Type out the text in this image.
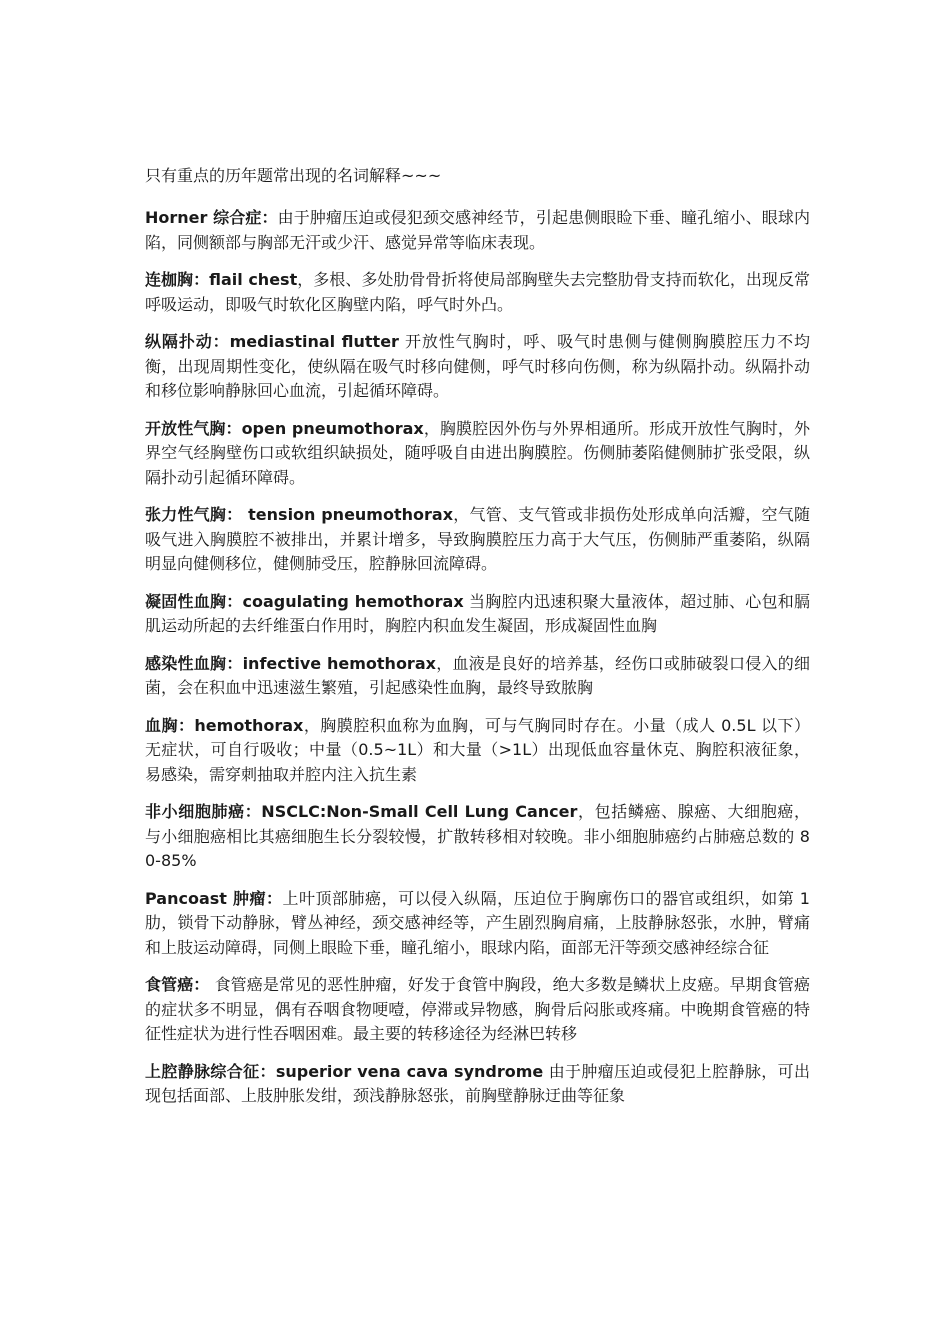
只有重点的历年题常出现的名词解释~~~
Horner 综合症：由于肿瘤压迫或侵犯颈交感神经节，引起患侧眼睑下垂、瞳孔缩小、眼球内陷，同侧额部与胸部无汗或少汗、感觉异常等临床表现。
连枷胸：flail chest，多根、多处肋骨骨折将使局部胸壁失去完整肋骨支持而软化，出现反常呼吸运动，即吸气时软化区胸壁内陷，呼气时外凸。
纵隔扑动：mediastinal flutter 开放性气胸时，呼、吸气时患侧与健侧胸膜腔压力不均衡，出现周期性变化，使纵隔在吸气时移向健侧，呼气时移向伤侧，称为纵隔扑动。纵隔扑动和移位影响静脉回心血流，引起循环障碍。
开放性气胸：open pneumothorax，胸膜腔因外伤与外界相通所。形成开放性气胸时，外界空气经胸壁伤口或软组织缺损处，随呼吸自由进出胸膜腔。伤侧肺萎陷健侧肺扩张受限，纵隔扑动引起循环障碍。
张力性气胸： tension pneumothorax，气管、支气管或非损伤处形成单向活瓣，空气随吸气进入胸膜腔不被排出，并累计增多，导致胸膜腔压力高于大气压，伤侧肺严重萎陷，纵隔明显向健侧移位，健侧肺受压，腔静脉回流障碍。
凝固性血胸：coagulating hemothorax 当胸腔内迅速积聚大量液体，超过肺、心包和膈肌运动所起的去纤维蛋白作用时，胸腔内积血发生凝固，形成凝固性血胸
感染性血胸：infective hemothorax，血液是良好的培养基，经伤口或肺破裂口侵入的细菌，会在积血中迅速滋生繁殖，引起感染性血胸，最终导致脓胸
血胸：hemothorax，胸膜腔积血称为血胸，可与气胸同时存在。小量（成人 0.5L 以下）无症状，可自行吸收；中量（0.5~1L）和大量（>1L）出现低血容量休克、胸腔积液征象，易感染，需穿刺抽取并腔内注入抗生素
非小细胞肺癌：NSCLC:Non-Small Cell Lung Cancer，包括鳞癌、腺癌、大细胞癌，与小细胞癌相比其癌细胞生长分裂较慢，扩散转移相对较晚。非小细胞肺癌约占肺癌总数的 80-85%
Pancoast 肿瘤：上叶顶部肺癌，可以侵入纵隔，压迫位于胸廓伤口的器官或组织，如第 1 肋，锁骨下动静脉，臂丛神经，颈交感神经等，产生剧烈胸肩痛，上肢静脉怒张，水肿，臂痛和上肢运动障碍，同侧上眼睑下垂，瞳孔缩小，眼球内陷，面部无汗等颈交感神经综合征
食管癌： 食管癌是常见的恶性肿瘤，好发于食管中胸段，绝大多数是鳞状上皮癌。早期食管癌的症状多不明显，偶有吞咽食物哽噎，停滞或异物感，胸骨后闷胀或疼痛。中晚期食管癌的特征性症状为进行性吞咽困难。最主要的转移途径为经淋巴转移
上腔静脉综合征：superior vena cava syndrome 由于肿瘤压迫或侵犯上腔静脉，可出现包括面部、上肢肿胀发绀，颈浅静脉怒张，前胸壁静脉迂曲等征象
